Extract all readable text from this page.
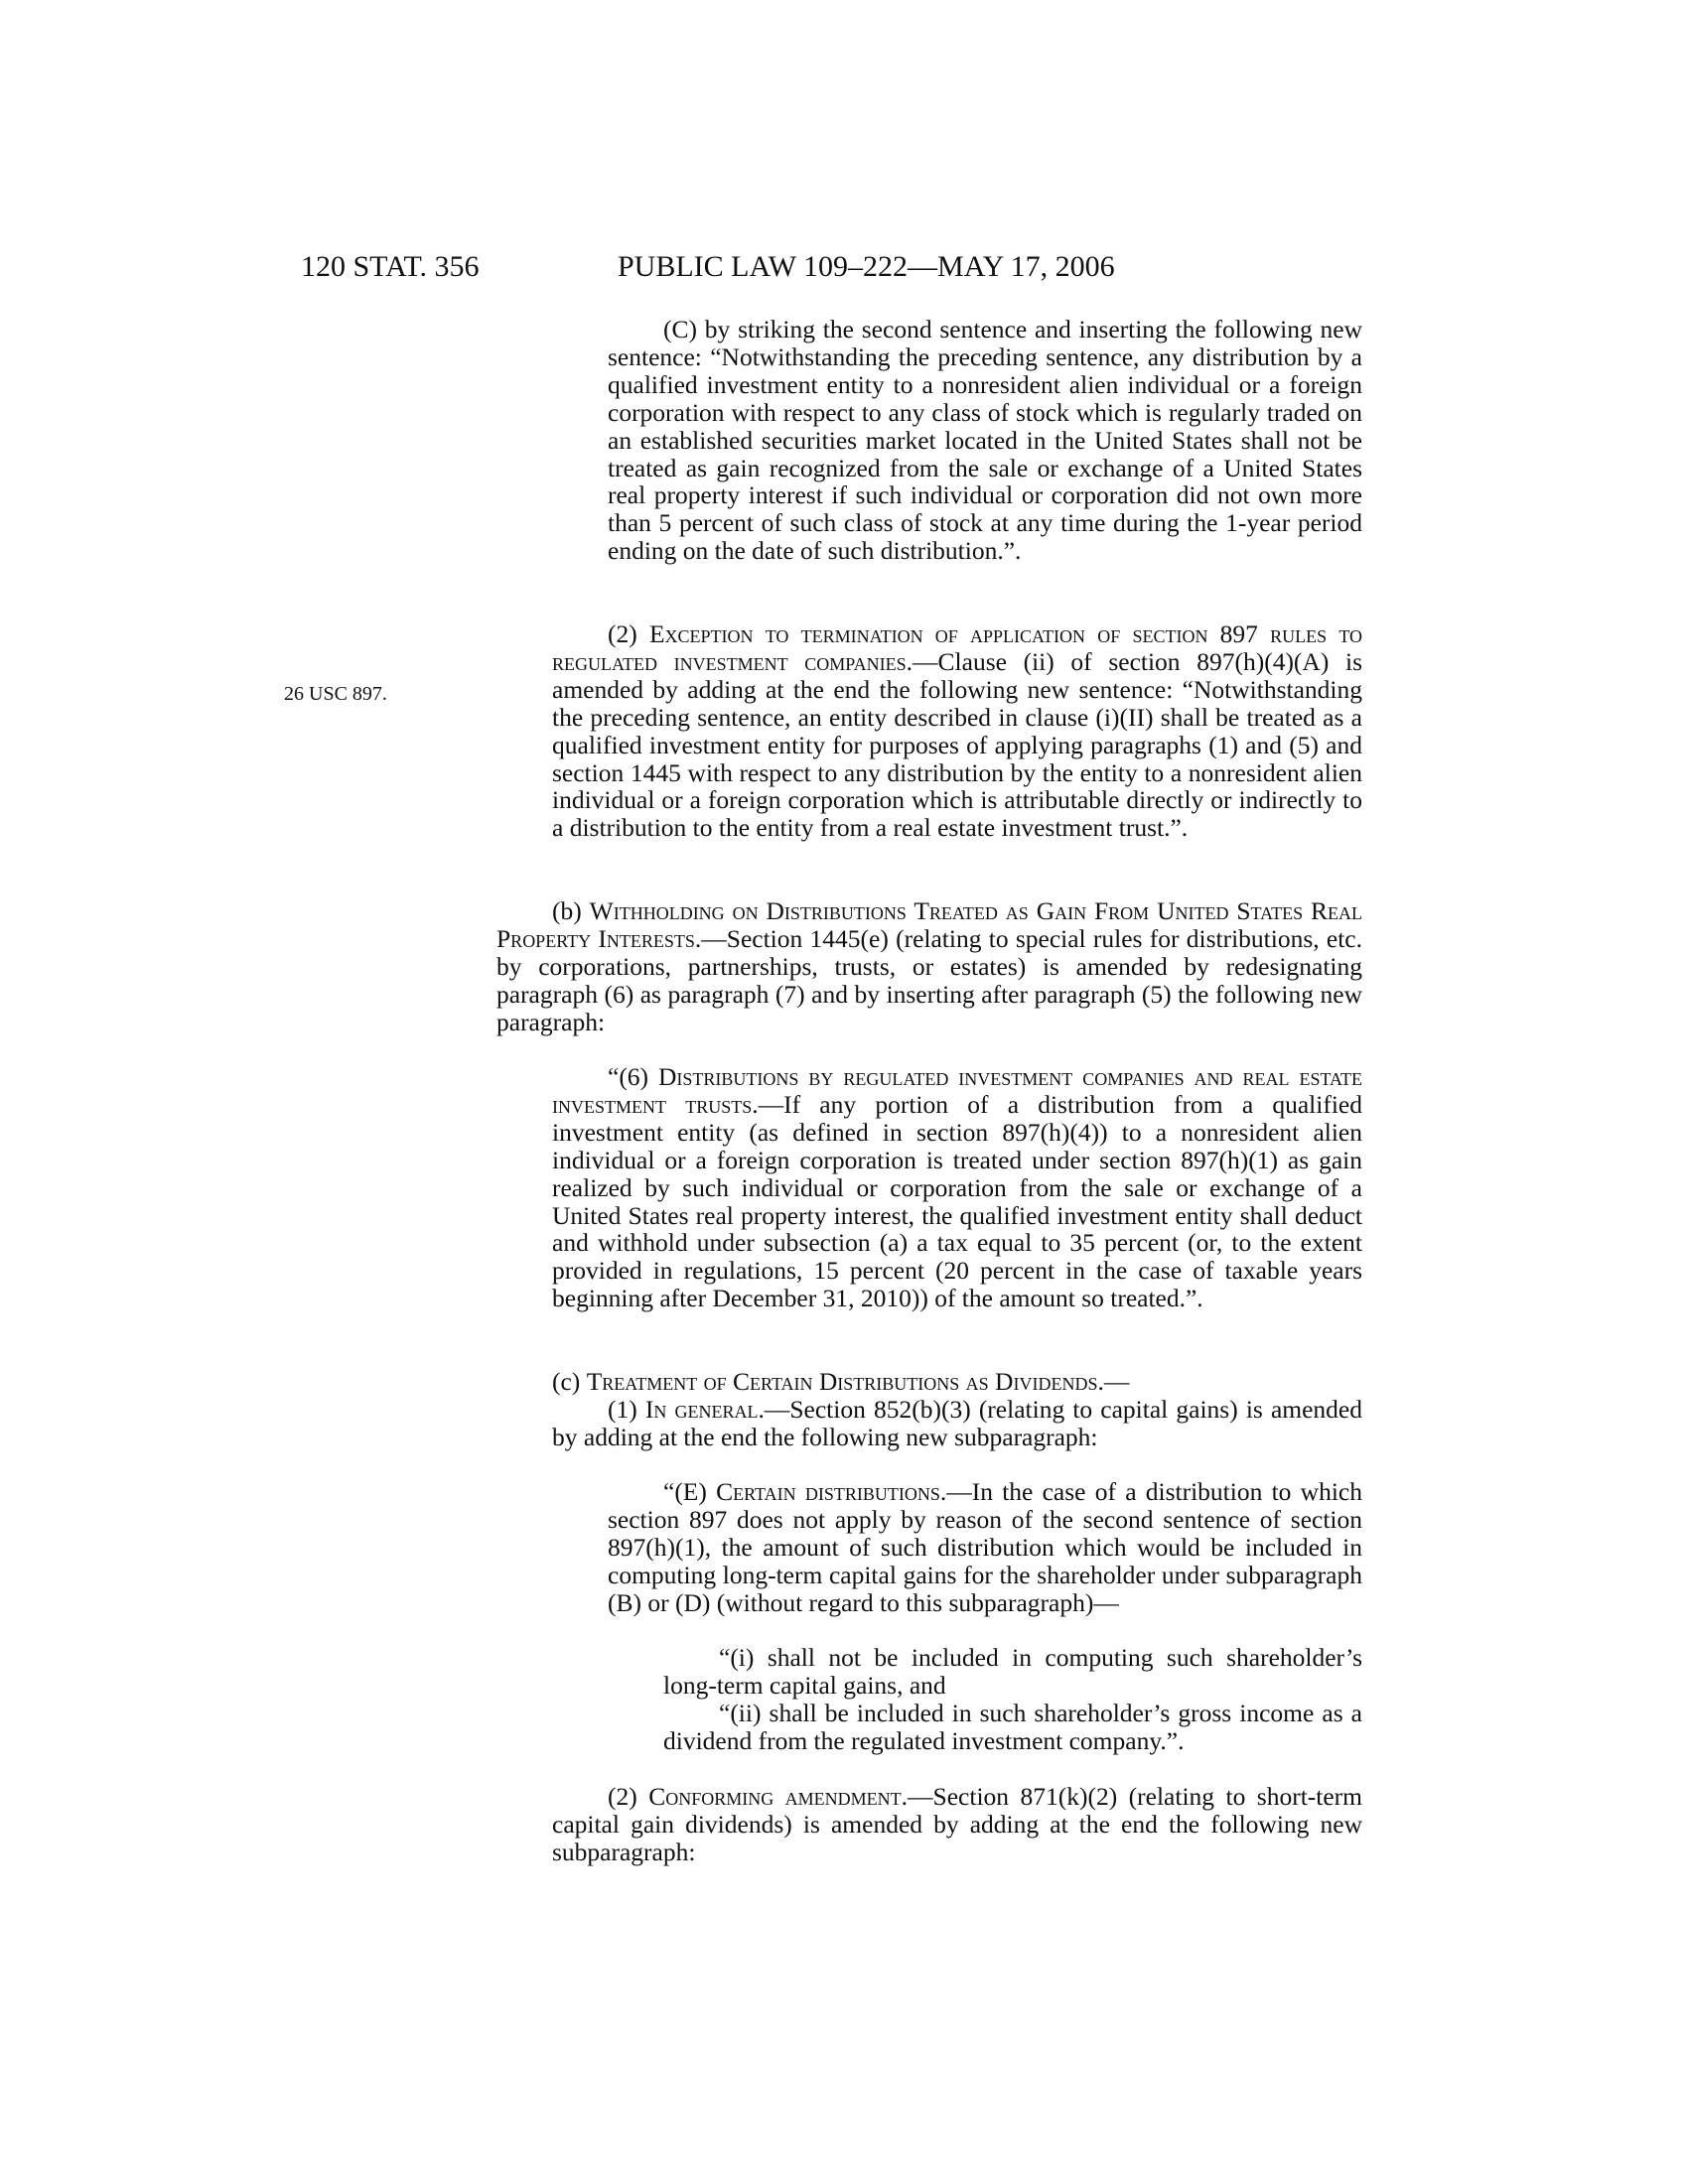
120 STAT. 356	PUBLIC LAW 109–222—MAY 17, 2006
26 USC 897.

(C) by striking the second sentence and inserting the following new sentence: “Notwithstanding the preceding sentence, any distribution by a qualified investment entity to a nonresident alien individual or a foreign corporation with respect to any class of stock which is regularly traded on an established securities market located in the United States shall not be treated as gain recognized from the sale or exchange of a United States real property interest if such individual or corporation did not own more than 5 percent of such class of stock at any time during the 1-year period ending on the date of such distribution.”.

(2) Exception to termination of application of section 897 rules to regulated investment companies.—Clause (ii) of section 897(h)(4)(A) is amended by adding at the end the following new sentence: “Notwithstanding the preceding sentence, an entity described in clause (i)(II) shall be treated as a qualified investment entity for purposes of applying paragraphs (1) and (5) and section 1445 with respect to any distribution by the entity to a nonresident alien individual or a foreign corporation which is attributable directly or indirectly to a distribution to the entity from a real estate investment trust.”.

(b) Withholding on Distributions Treated as Gain From United States Real Property Interests.—Section 1445(e) (relating to special rules for distributions, etc. by corporations, partnerships, trusts, or estates) is amended by redesignating paragraph (6) as paragraph (7) and by inserting after paragraph (5) the following new paragraph:

“(6) Distributions by regulated investment companies and real estate investment trusts.—If any portion of a distribution from a qualified investment entity (as defined in section 897(h)(4)) to a nonresident alien individual or a foreign corporation is treated under section 897(h)(1) as gain realized by such individual or corporation from the sale or exchange of a United States real property interest, the qualified investment entity shall deduct and withhold under subsection (a) a tax equal to 35 percent (or, to the extent provided in regulations, 15 percent (20 percent in the case of taxable years beginning after December 31, 2010)) of the amount so treated.”.

(c) Treatment of Certain Distributions as Dividends.—

(1) In general.—Section 852(b)(3) (relating to capital gains) is amended by adding at the end the following new subparagraph:

“(E) Certain distributions.—In the case of a distribution to which section 897 does not apply by reason of the second sentence of section 897(h)(1), the amount of such distribution which would be included in computing long-term capital gains for the shareholder under subparagraph (B) or (D) (without regard to this subparagraph)—

“(i) shall not be included in computing such shareholder’s long-term capital gains, and

“(ii) shall be included in such shareholder’s gross income as a dividend from the regulated investment company.”.

(2) Conforming amendment.—Section 871(k)(2) (relating to short-term capital gain dividends) is amended by adding at the end the following new subparagraph:
